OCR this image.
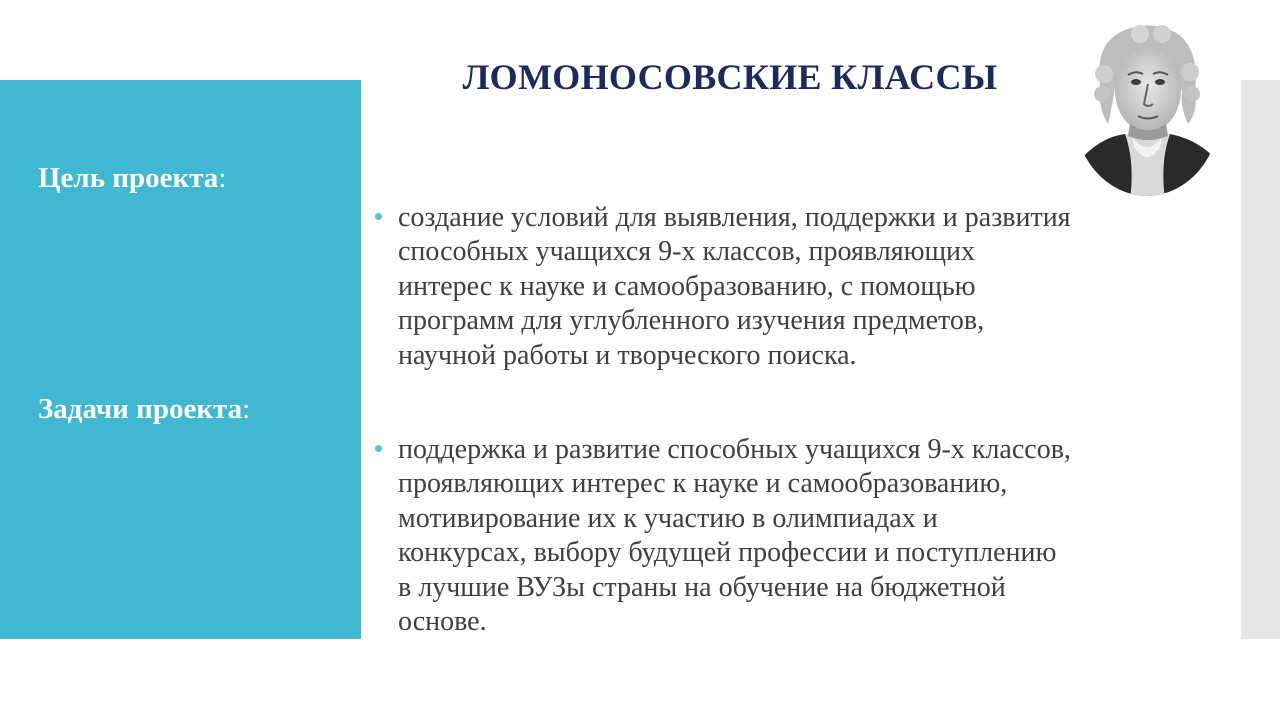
ЛОМОНОСОВСКИЕ КЛАССЫ
Цель проекта:
Задачи проекта:
создание условий для выявления, поддержки и развития
способных учащихся 9-х классов, проявляющих
интерес к науке и самообразованию, с помощью
программ для углубленного изучения предметов,
научной работы и творческого поиска.
поддержка и развитие способных учащихся 9-х классов,
проявляющих интерес к науке и самообразованию,
мотивирование их к участию в олимпиадах и
конкурсах, выбору будущей профессии и поступлению
в лучшие ВУЗы страны на обучение на бюджетной
основе.
